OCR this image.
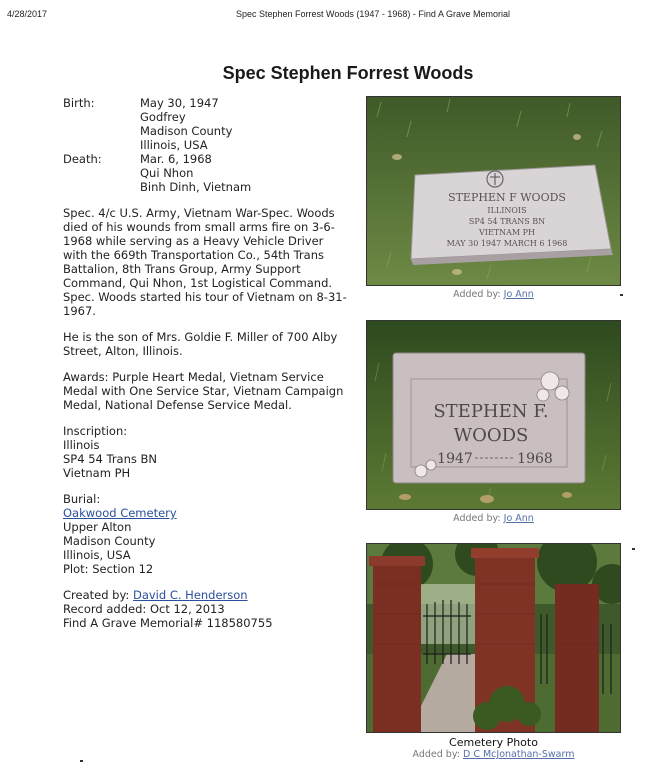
4/28/2017	Spec Stephen Forrest Woods (1947 - 1968) - Find A Grave Memorial
Spec Stephen Forrest Woods
Birth:	May 30, 1947
Godfrey
Madison County
Illinois, USA
Death:	Mar. 6, 1968
Qui Nhon
Binh Dinh, Vietnam
Spec. 4/c U.S. Army, Vietnam War-Spec. Woods died of his wounds from small arms fire on 3-6-1968 while serving as a Heavy Vehicle Driver with the 669th Transportation Co., 54th Trans Battalion, 8th Trans Group, Army Support Command, Qui Nhon, 1st Logistical Command. Spec. Woods started his tour of Vietnam on 8-31-1967.
He is the son of Mrs. Goldie F. Miller of 700 Alby Street, Alton, Illinois.
Awards: Purple Heart Medal, Vietnam Service Medal with One Service Star, Vietnam Campaign Medal, National Defense Service Medal.
Inscription:
Illinois
SP4 54 Trans BN
Vietnam PH
Burial:
Oakwood Cemetery
Upper Alton
Madison County
Illinois, USA
Plot: Section 12
Created by: David C. Henderson
Record added: Oct 12, 2013
Find A Grave Memorial# 118580755
STEPHEN F WOODS
ILLINOIS
SP4 54 TRANS BN
VIETNAM PH
MAY 30 1947 MARCH 6 1968
Added by: Jo Ann
STEPHEN F.
WOODS
1947	1968
Added by: Jo Ann
Cemetery Photo
Added by: D C McJonathan-Swarm
